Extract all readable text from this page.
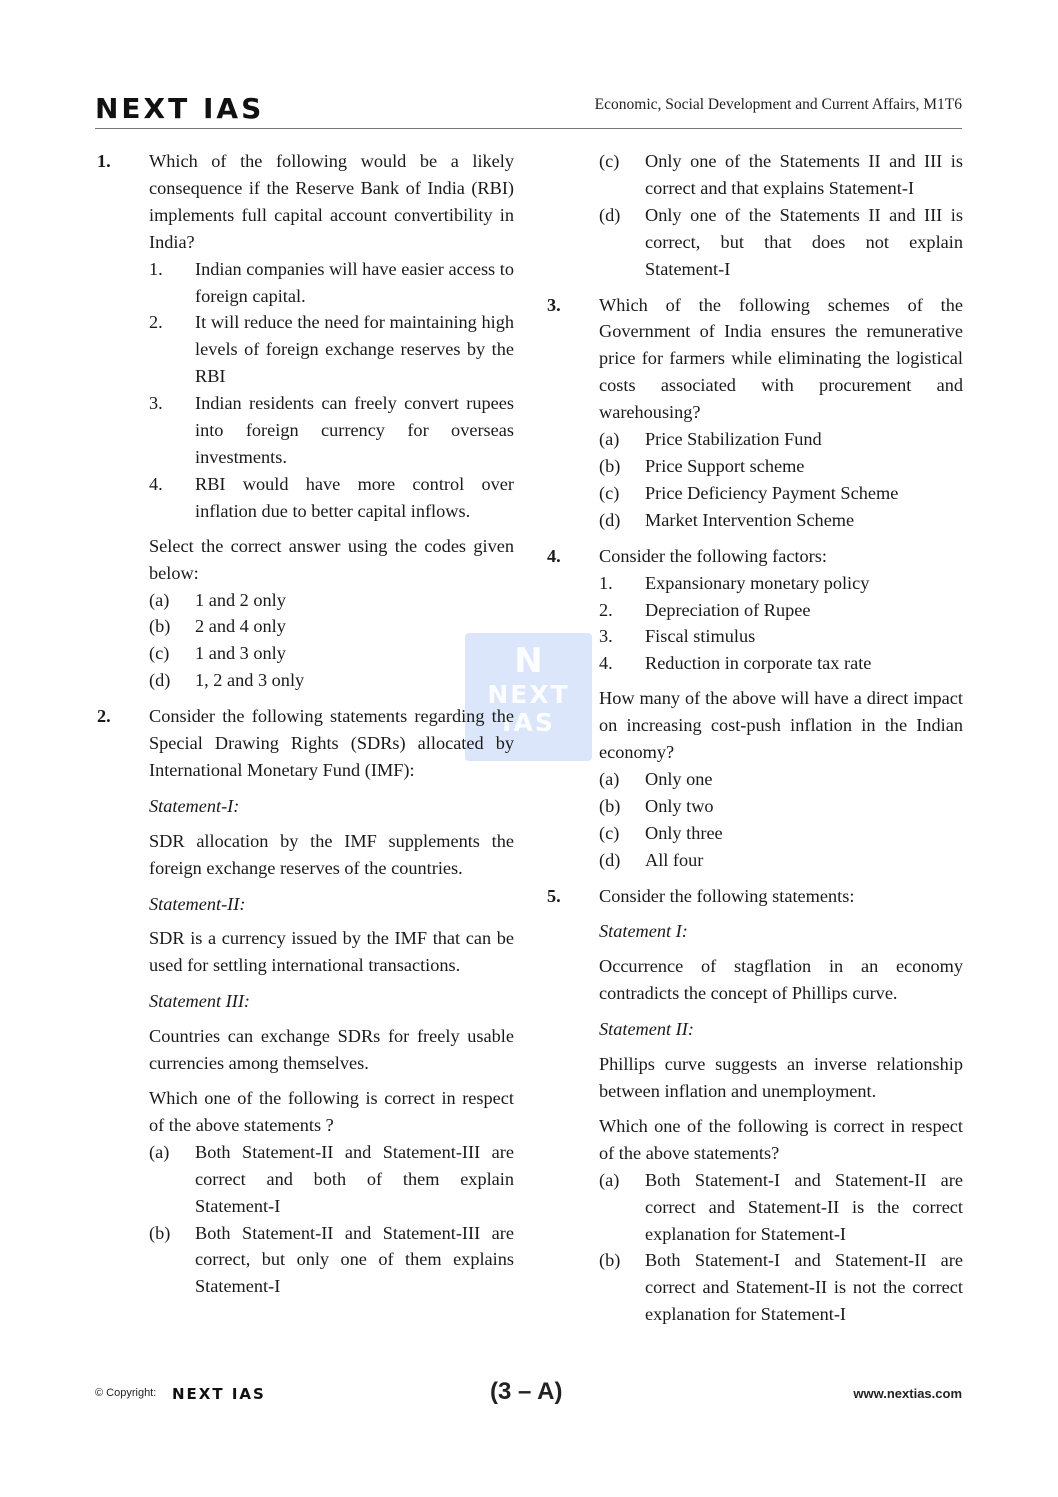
NEXT IAS	Economic, Social Development and Current Affairs, M1T6
N
NEXT
IAS
1. Which of the following would be a likely consequence if the Reserve Bank of India (RBI) implements full capital account convertibility in India?
1. Indian companies will have easier access to foreign capital.
2. It will reduce the need for maintaining high levels of foreign exchange reserves by the RBI
3. Indian residents can freely convert rupees into foreign currency for overseas investments.
4. RBI would have more control over inflation due to better capital inflows.
Select the correct answer using the codes given below:
(a) 1 and 2 only
(b) 2 and 4 only
(c) 1 and 3 only
(d) 1, 2 and 3 only
2. Consider the following statements regarding the Special Drawing Rights (SDRs) allocated by International Monetary Fund (IMF):
Statement-I:
SDR allocation by the IMF supplements the foreign exchange reserves of the countries.
Statement-II:
SDR is a currency issued by the IMF that can be used for settling international transactions.
Statement III:
Countries can exchange SDRs for freely usable currencies among themselves.
Which one of the following is correct in respect of the above statements ?
(a) Both Statement-II and Statement-III are correct and both of them explain Statement-I
(b) Both Statement-II and Statement-III are correct, but only one of them explains Statement-I
(c) Only one of the Statements II and III is correct and that explains Statement-I
(d) Only one of the Statements II and III is correct, but that does not explain Statement-I
3. Which of the following schemes of the Government of India ensures the remunerative price for farmers while eliminating the logistical costs associated with procurement and warehousing?
(a) Price Stabilization Fund
(b) Price Support scheme
(c) Price Deficiency Payment Scheme
(d) Market Intervention Scheme
4. Consider the following factors:
1. Expansionary monetary policy
2. Depreciation of Rupee
3. Fiscal stimulus
4. Reduction in corporate tax rate
How many of the above will have a direct impact on increasing cost-push inflation in the Indian economy?
(a) Only one
(b) Only two
(c) Only three
(d) All four
5. Consider the following statements:
Statement I:
Occurrence of stagflation in an economy contradicts the concept of Phillips curve.
Statement II:
Phillips curve suggests an inverse relationship between inflation and unemployment.
Which one of the following is correct in respect of the above statements?
(a) Both Statement-I and Statement-II are correct and Statement-II is the correct explanation for Statement-I
(b) Both Statement-I and Statement-II are correct and Statement-II is not the correct explanation for Statement-I
© Copyright: NEXT IAS	(3 – A)	www.nextias.com
